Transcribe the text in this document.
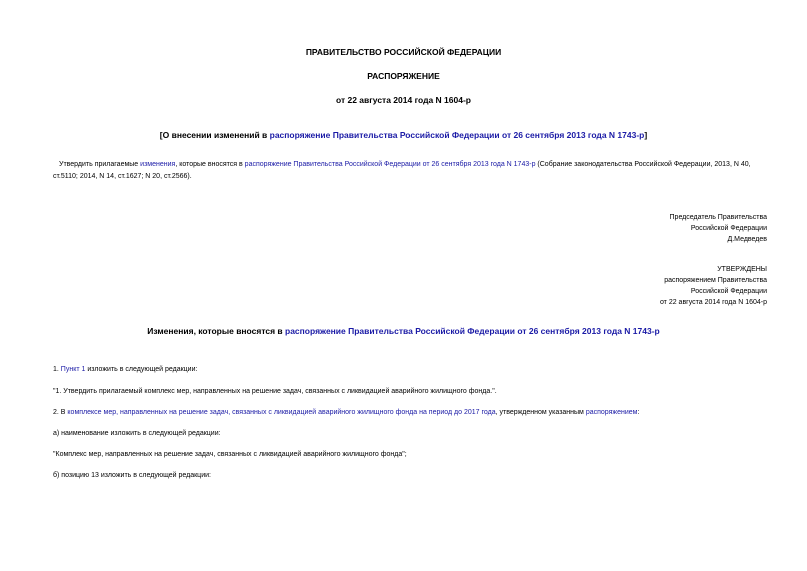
ПРАВИТЕЛЬСТВО РОССИЙСКОЙ ФЕДЕРАЦИИ
РАСПОРЯЖЕНИЕ
от 22 августа 2014 года N 1604-р
[О внесении изменений в распоряжение Правительства Российской Федерации от 26 сентября 2013 года N 1743-р]
Утвердить прилагаемые изменения, которые вносятся в распоряжение Правительства Российской Федерации от 26 сентября 2013 года N 1743-р (Собрание законодательства Российской Федерации, 2013, N 40, ст.5110; 2014, N 14, ст.1627; N 20, ст.2566).
Председатель Правительства
Российской Федерации
Д.Медведев
УТВЕРЖДЕНЫ
распоряжением Правительства
Российской Федерации
от 22 августа 2014 года N 1604-р
Изменения, которые вносятся в распоряжение Правительства Российской Федерации от 26 сентября 2013 года N 1743-р
1. Пункт 1 изложить в следующей редакции:
"1. Утвердить прилагаемый комплекс мер, направленных на решение задач, связанных с ликвидацией аварийного жилищного фонда.".
2. В комплексе мер, направленных на решение задач, связанных с ликвидацией аварийного жилищного фонда на период до 2017 года, утвержденном указанным распоряжением:
а) наименование изложить в следующей редакции:
"Комплекс мер, направленных на решение задач, связанных с ликвидацией аварийного жилищного фонда";
б) позицию 13 изложить в следующей редакции:
